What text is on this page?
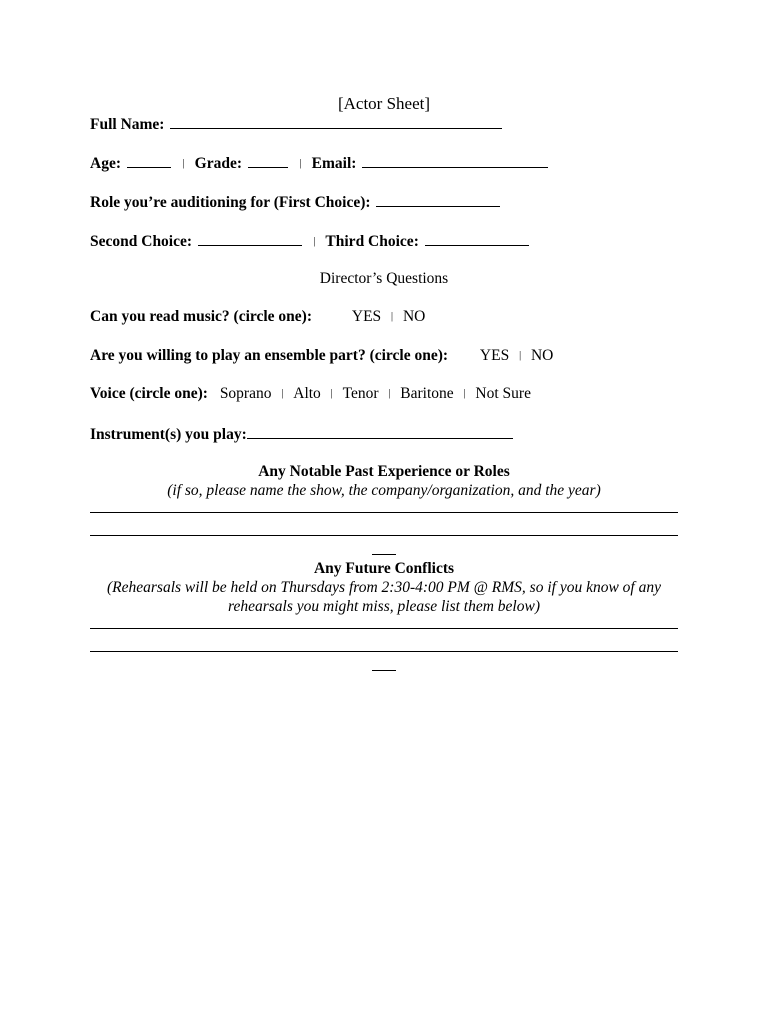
[Actor Sheet]
Full Name:
Age:	| Grade:	| Email:
Role you’re auditioning for (First Choice):
Second Choice:	| Third Choice:
Director’s Questions
Can you read music? (circle one):	YES | NO
Are you willing to play an ensemble part? (circle one): YES | NO
Voice (circle one): Soprano | Alto | Tenor | Baritone | Not Sure
Instrument(s) you play:
Any Notable Past Experience or Roles
(if so, please name the show, the company/organization, and the year)
Any Future Conflicts
(Rehearsals will be held on Thursdays from 2:30-4:00 PM @ RMS, so if you know of any
rehearsals you might miss, please list them below)
